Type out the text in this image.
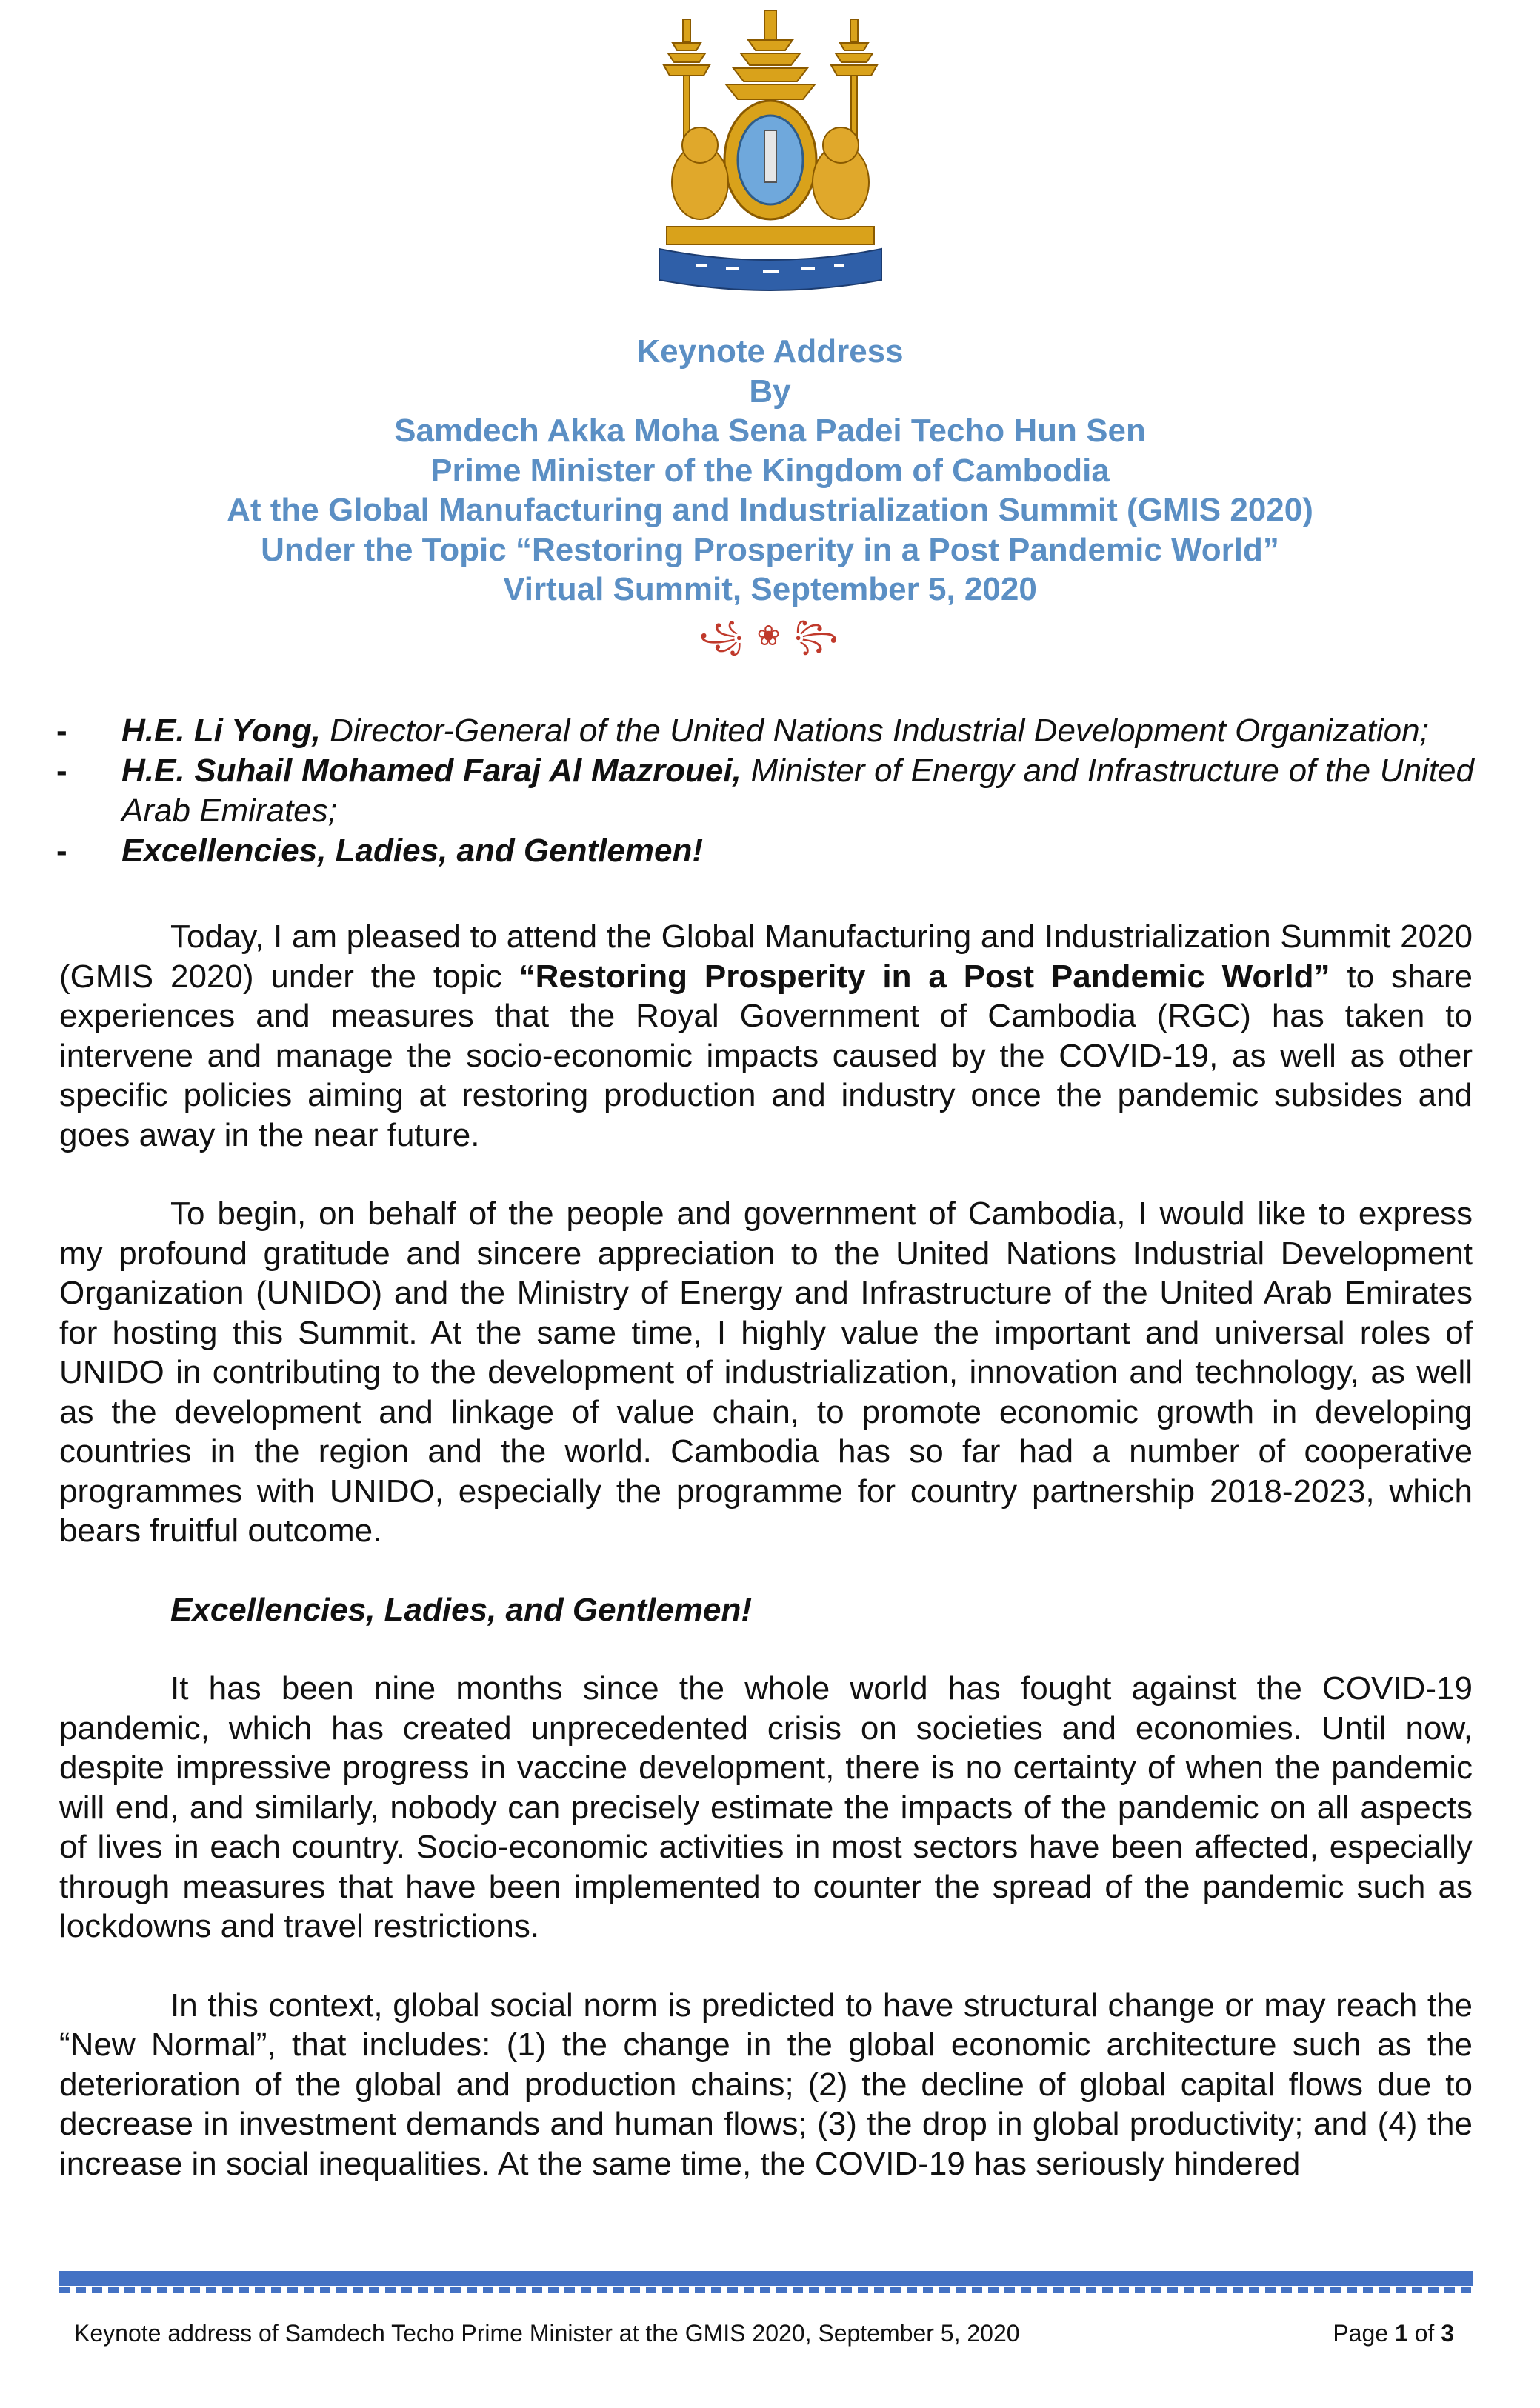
Keynote Address
By
Samdech Akka Moha Sena Padei Techo Hun Sen
Prime Minister of the Kingdom of Cambodia
At the Global Manufacturing and Industrialization Summit (GMIS 2020)
Under the Topic “Restoring Prosperity in a Post Pandemic World”
Virtual Summit, September 5, 2020
꧁ ❀ ꧂
-	H.E. Li Yong, Director-General of the United Nations Industrial Development Organization;
-	H.E. Suhail Mohamed Faraj Al Mazrouei, Minister of Energy and Infrastructure of the United Arab Emirates;
-	Excellencies, Ladies, and Gentlemen!

Today, I am pleased to attend the Global Manufacturing and Industrialization Summit 2020 (GMIS 2020) under the topic “Restoring Prosperity in a Post Pandemic World” to share experiences and measures that the Royal Government of Cambodia (RGC) has taken to intervene and manage the socio-economic impacts caused by the COVID-19, as well as other specific policies aiming at restoring production and industry once the pandemic subsides and goes away in the near future.

To begin, on behalf of the people and government of Cambodia, I would like to express my profound gratitude and sincere appreciation to the United Nations Industrial Development Organization (UNIDO) and the Ministry of Energy and Infrastructure of the United Arab Emirates for hosting this Summit. At the same time, I highly value the important and universal roles of UNIDO in contributing to the development of industrialization, innovation and technology, as well as the development and linkage of value chain, to promote economic growth in developing countries in the region and the world. Cambodia has so far had a number of cooperative programmes with UNIDO, especially the programme for country partnership 2018-2023, which bears fruitful outcome.

Excellencies, Ladies, and Gentlemen!

It has been nine months since the whole world has fought against the COVID-19 pandemic, which has created unprecedented crisis on societies and economies. Until now, despite impressive progress in vaccine development, there is no certainty of when the pandemic will end, and similarly, nobody can precisely estimate the impacts of the pandemic on all aspects of lives in each country. Socio-economic activities in most sectors have been affected, especially through measures that have been implemented to counter the spread of the pandemic such as lockdowns and travel restrictions.

In this context, global social norm is predicted to have structural change or may reach the “New Normal”, that includes: (1) the change in the global economic architecture such as the deterioration of the global and production chains; (2) the decline of global capital flows due to decrease in investment demands and human flows; (3) the drop in global productivity; and (4) the increase in social inequalities. At the same time, the COVID-19 has seriously hindered

Keynote address of Samdech Techo Prime Minister at the GMIS 2020, September 5, 2020	Page 1 of 3
